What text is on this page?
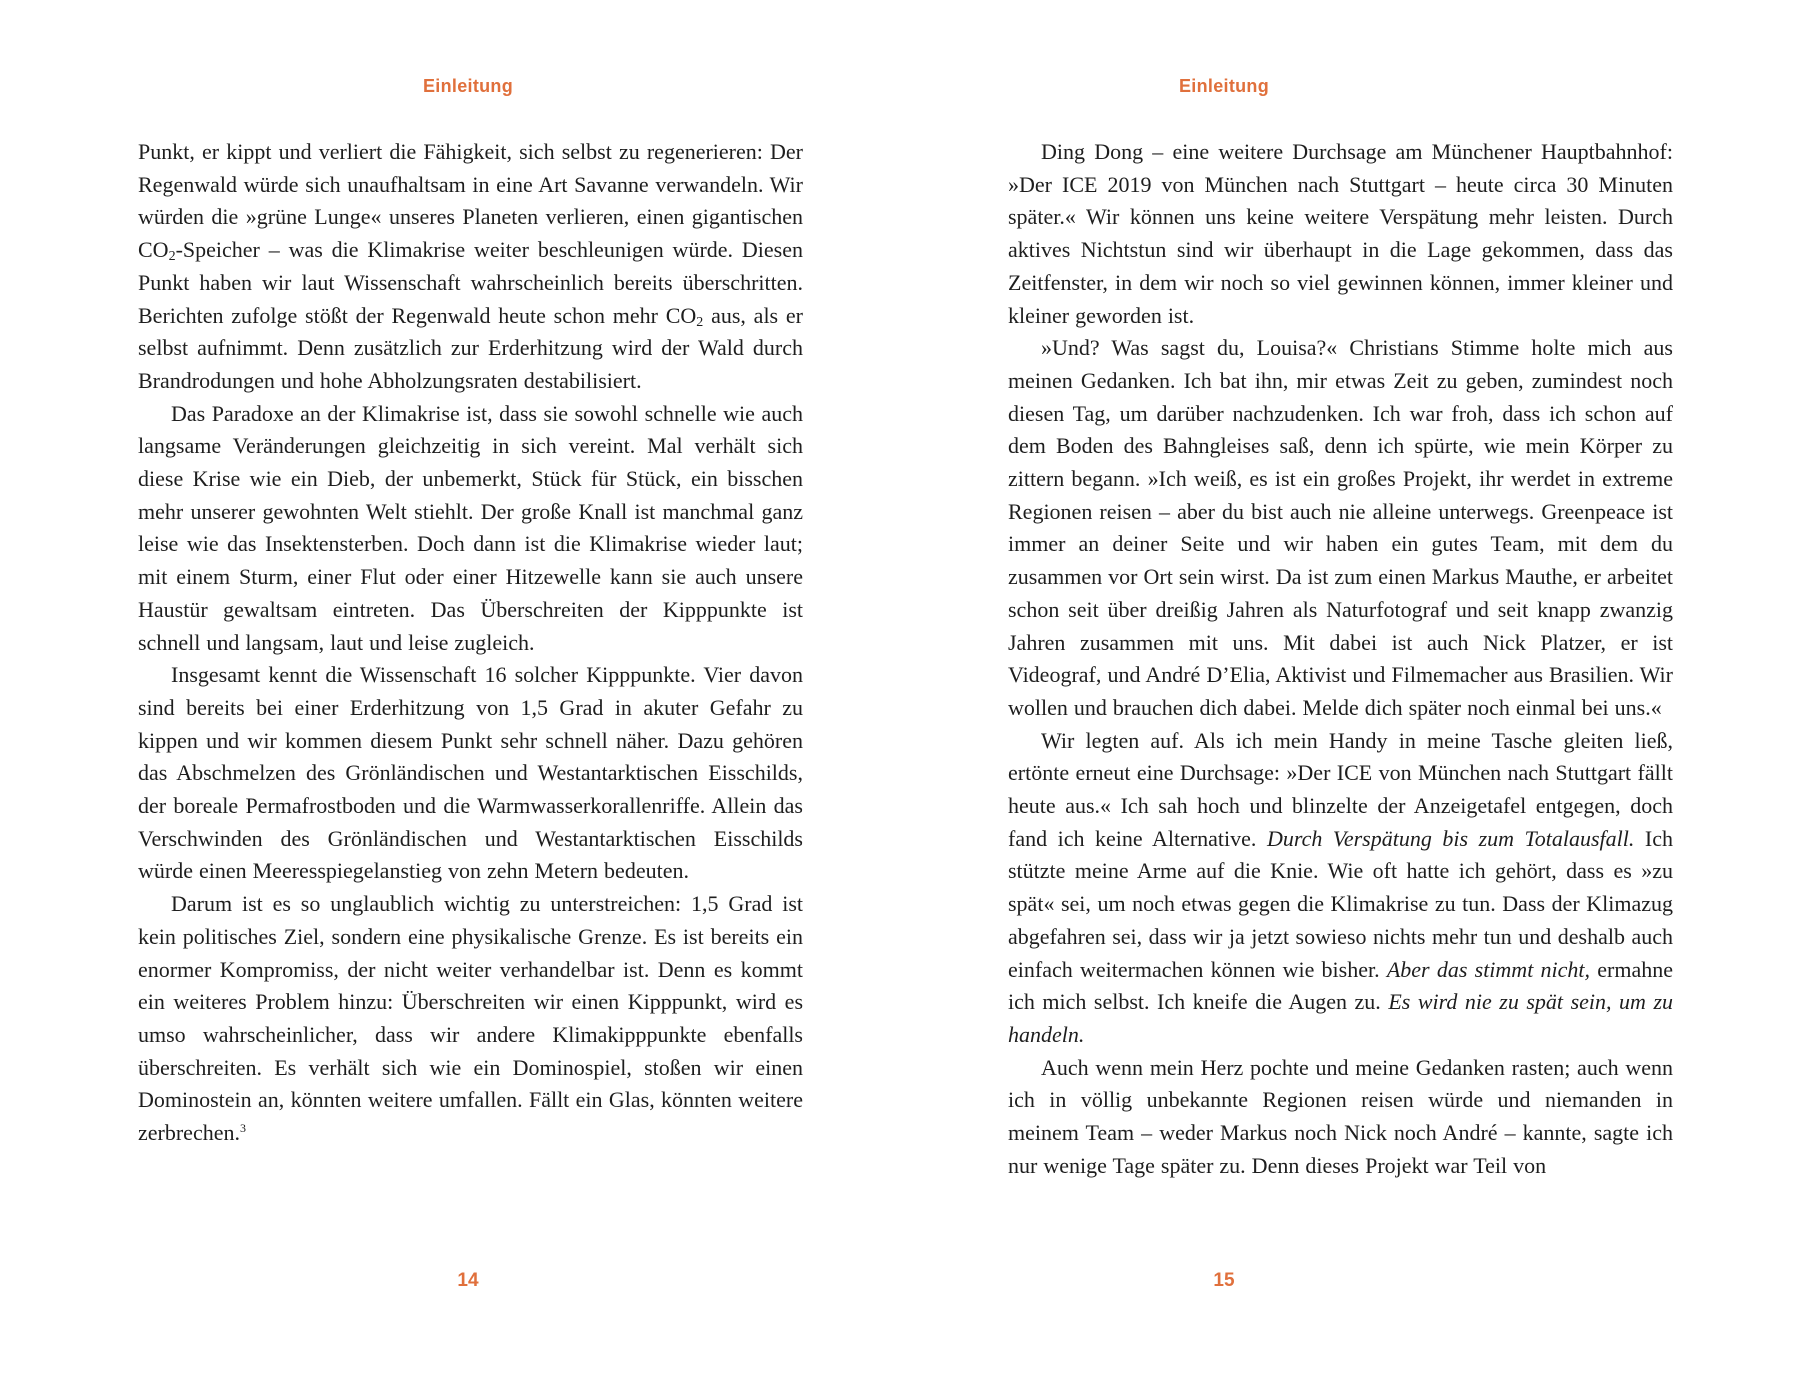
Einleitung

Punkt, er kippt und verliert die Fähigkeit, sich selbst zu regenerieren: Der Regenwald würde sich unaufhaltsam in eine Art Savanne verwandeln. Wir würden die »grüne Lunge« unseres Planeten verlieren, einen gigantischen $CO_2$-Speicher – was die Klimakrise weiter beschleunigen würde. Diesen Punkt haben wir laut Wissenschaft wahrscheinlich bereits überschritten. Berichten zufolge stößt der Regenwald heute schon mehr $CO_2$ aus, als er selbst aufnimmt. Denn zusätzlich zur Erderhitzung wird der Wald durch Brandrodungen und hohe Abholzungsraten destabilisiert.

Das Paradoxe an der Klimakrise ist, dass sie sowohl schnelle wie auch langsame Veränderungen gleichzeitig in sich vereint. Mal verhält sich diese Krise wie ein Dieb, der unbemerkt, Stück für Stück, ein bisschen mehr unserer gewohnten Welt stiehlt. Der große Knall ist manchmal ganz leise wie das Insektensterben. Doch dann ist die Klimakrise wieder laut; mit einem Sturm, einer Flut oder einer Hitzewelle kann sie auch unsere Haustür gewaltsam eintreten. Das Überschreiten der Kipppunkte ist schnell und langsam, laut und leise zugleich.

Insgesamt kennt die Wissenschaft 16 solcher Kipppunkte. Vier davon sind bereits bei einer Erderhitzung von 1,5 Grad in akuter Gefahr zu kippen und wir kommen diesem Punkt sehr schnell näher. Dazu gehören das Abschmelzen des Grönländischen und Westantarktischen Eisschilds, der boreale Permafrostboden und die Warmwasserkorallenriffe. Allein das Verschwinden des Grönländischen und Westantarktischen Eisschilds würde einen Meeresspiegelanstieg von zehn Metern bedeuten.

Darum ist es so unglaublich wichtig zu unterstreichen: 1,5 Grad ist kein politisches Ziel, sondern eine physikalische Grenze. Es ist bereits ein enormer Kompromiss, der nicht weiter verhandelbar ist. Denn es kommt ein weiteres Problem hinzu: Überschreiten wir einen Kipppunkt, wird es umso wahrscheinlicher, dass wir andere Klimakipppunkte ebenfalls überschreiten. Es verhält sich wie ein Dominospiel, stoßen wir einen Dominostein an, könnten weitere umfallen. Fällt ein Glas, könnten weitere zerbrechen.$^3$

14
Einleitung

Ding Dong – eine weitere Durchsage am Münchener Hauptbahnhof: »Der ICE 2019 von München nach Stuttgart – heute circa 30 Minuten später.« Wir können uns keine weitere Verspätung mehr leisten. Durch aktives Nichtstun sind wir überhaupt in die Lage gekommen, dass das Zeitfenster, in dem wir noch so viel gewinnen können, immer kleiner und kleiner geworden ist.

»Und? Was sagst du, Louisa?« Christians Stimme holte mich aus meinen Gedanken. Ich bat ihn, mir etwas Zeit zu geben, zumindest noch diesen Tag, um darüber nachzudenken. Ich war froh, dass ich schon auf dem Boden des Bahngleises saß, denn ich spürte, wie mein Körper zu zittern begann. »Ich weiß, es ist ein großes Projekt, ihr werdet in extreme Regionen reisen – aber du bist auch nie alleine unterwegs. Greenpeace ist immer an deiner Seite und wir haben ein gutes Team, mit dem du zusammen vor Ort sein wirst. Da ist zum einen Markus Mauthe, er arbeitet schon seit über dreißig Jahren als Naturfotograf und seit knapp zwanzig Jahren zusammen mit uns. Mit dabei ist auch Nick Platzer, er ist Videograf, und André D’Elia, Aktivist und Filmemacher aus Brasilien. Wir wollen und brauchen dich dabei. Melde dich später noch einmal bei uns.«

Wir legten auf. Als ich mein Handy in meine Tasche gleiten ließ, ertönte erneut eine Durchsage: »Der ICE von München nach Stuttgart fällt heute aus.« Ich sah hoch und blinzelte der Anzeigetafel entgegen, doch fand ich keine Alternative. Durch Verspätung bis zum Totalausfall. Ich stützte meine Arme auf die Knie. Wie oft hatte ich gehört, dass es »zu spät« sei, um noch etwas gegen die Klimakrise zu tun. Dass der Klimazug abgefahren sei, dass wir ja jetzt sowieso nichts mehr tun und deshalb auch einfach weitermachen können wie bisher. Aber das stimmt nicht, ermahne ich mich selbst. Ich kneife die Augen zu. Es wird nie zu spät sein, um zu handeln.

Auch wenn mein Herz pochte und meine Gedanken rasten; auch wenn ich in völlig unbekannte Regionen reisen würde und niemanden in meinem Team – weder Markus noch Nick noch André – kannte, sagte ich nur wenige Tage später zu. Denn dieses Projekt war Teil von

15
